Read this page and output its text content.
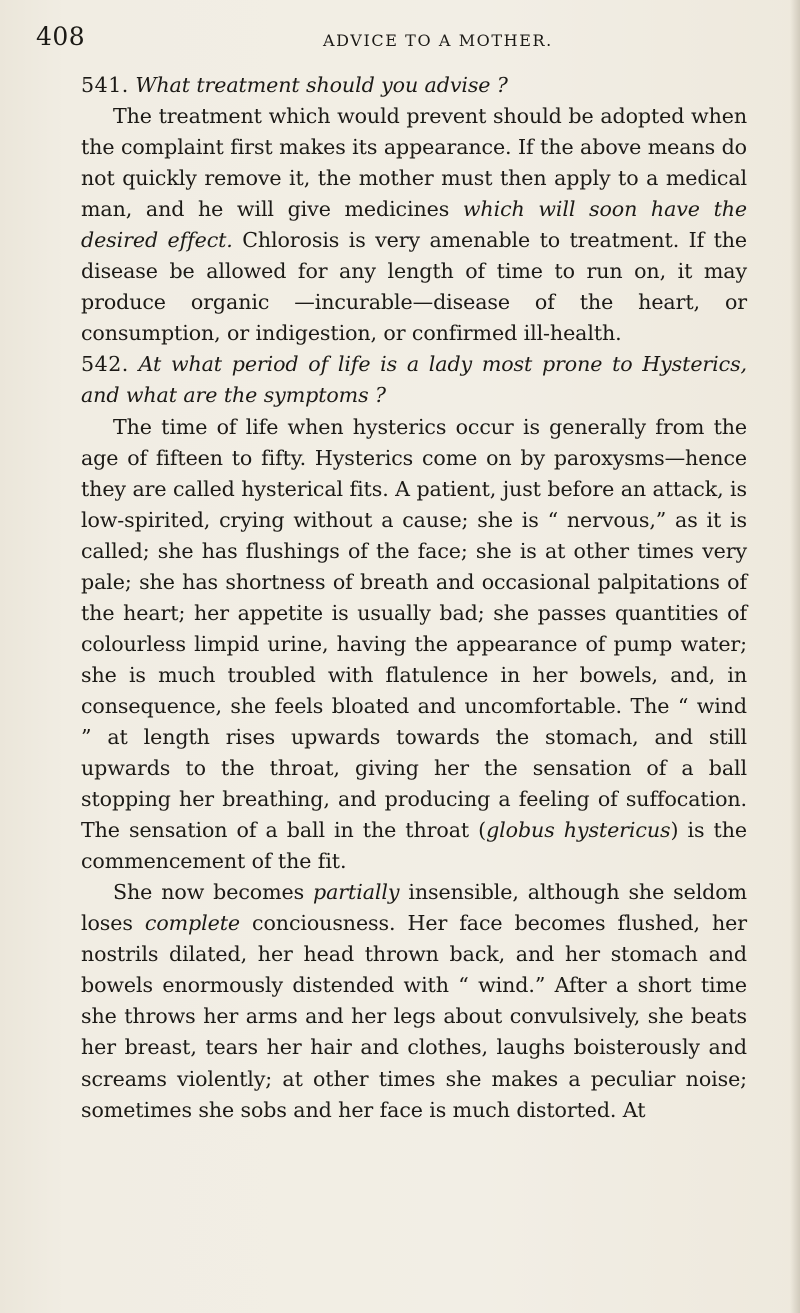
408	ADVICE TO A MOTHER.

541. What treatment should you advise ?

The treatment which would prevent should be adopted when the complaint first makes its appearance. If the above means do not quickly remove it, the mother must then apply to a medical man, and he will give medicines which will soon have the desired effect. Chlorosis is very amenable to treatment. If the disease be allowed for any length of time to run on, it may produce organic —incurable—disease of the heart, or consumption, or indigestion, or confirmed ill-health.

542. At what period of life is a lady most prone to Hysterics, and what are the symptoms ?

The time of life when hysterics occur is generally from the age of fifteen to fifty. Hysterics come on by paroxysms—hence they are called hysterical fits. A patient, just before an attack, is low-spirited, crying without a cause; she is “ nervous,” as it is called; she has flushings of the face; she is at other times very pale; she has shortness of breath and occasional palpitations of the heart; her appetite is usually bad; she passes quantities of colourless limpid urine, having the appearance of pump water; she is much troubled with flatulence in her bowels, and, in consequence, she feels bloated and uncomfortable. The “ wind ” at length rises upwards towards the stomach, and still upwards to the throat, giving her the sensation of a ball stopping her breathing, and producing a feeling of suffocation. The sensation of a ball in the throat (globus hystericus) is the commencement of the fit.

She now becomes partially insensible, although she seldom loses complete conciousness. Her face becomes flushed, her nostrils dilated, her head thrown back, and her stomach and bowels enormously distended with “ wind.” After a short time she throws her arms and her legs about convulsively, she beats her breast, tears her hair and clothes, laughs boisterously and screams violently; at other times she makes a peculiar noise; sometimes she sobs and her face is much distorted. At
